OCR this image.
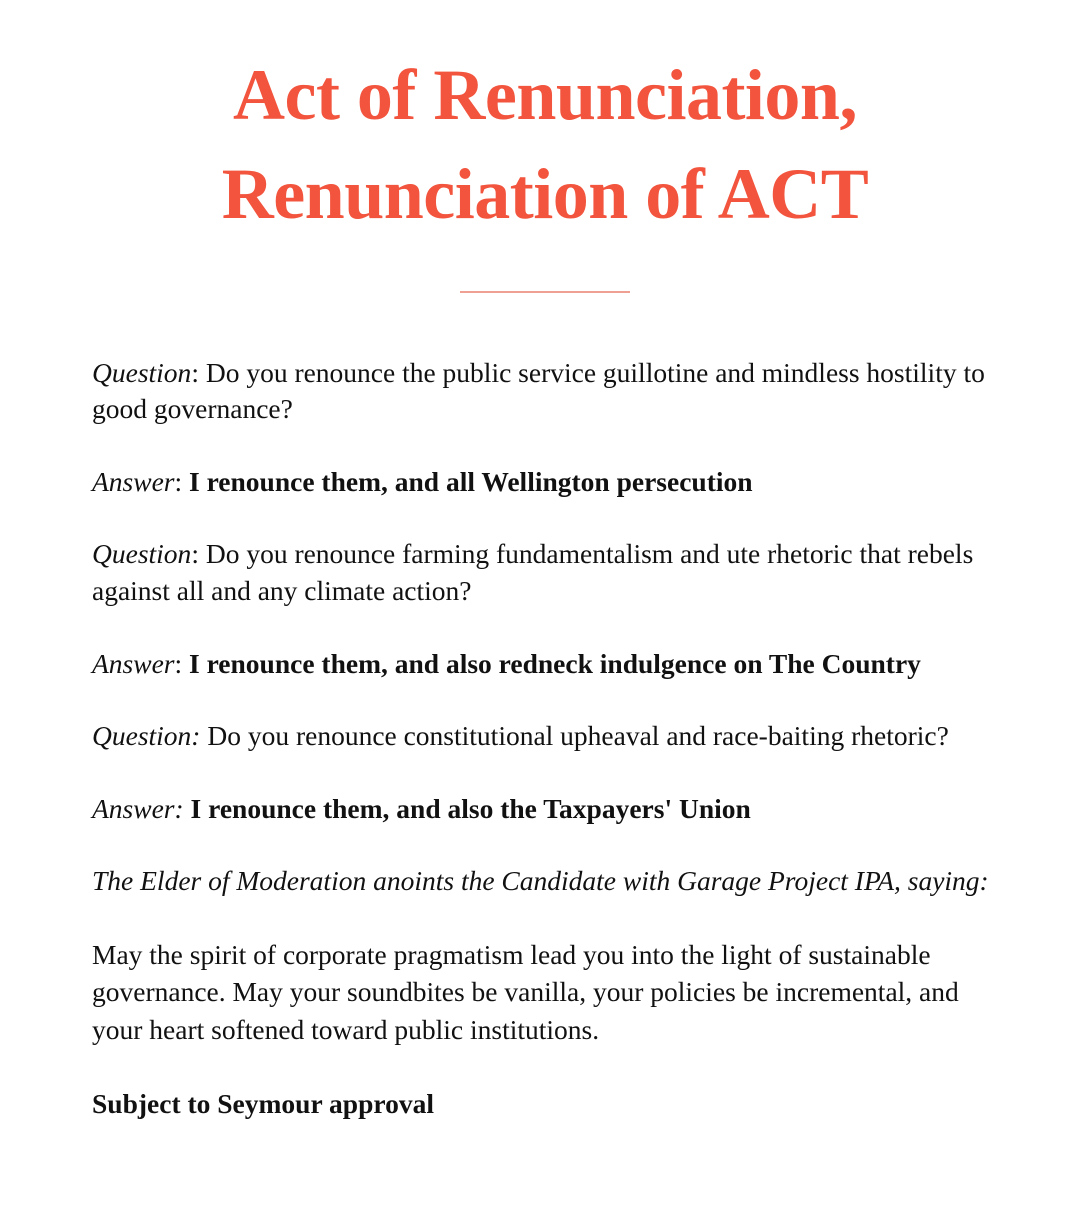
Act of Renunciation,
Renunciation of ACT

Question: Do you renounce the public service guillotine and mindless hostility to good governance?

Answer: I renounce them, and all Wellington persecution

Question: Do you renounce farming fundamentalism and ute rhetoric that rebels against all and any climate action?

Answer: I renounce them, and also redneck indulgence on The Country

Question: Do you renounce constitutional upheaval and race-baiting rhetoric?

Answer: I renounce them, and also the Taxpayers' Union

The Elder of Moderation anoints the Candidate with Garage Project IPA, saying:

May the spirit of corporate pragmatism lead you into the light of sustainable governance. May your soundbites be vanilla, your policies be incremental, and your heart softened toward public institutions.

Subject to Seymour approval
